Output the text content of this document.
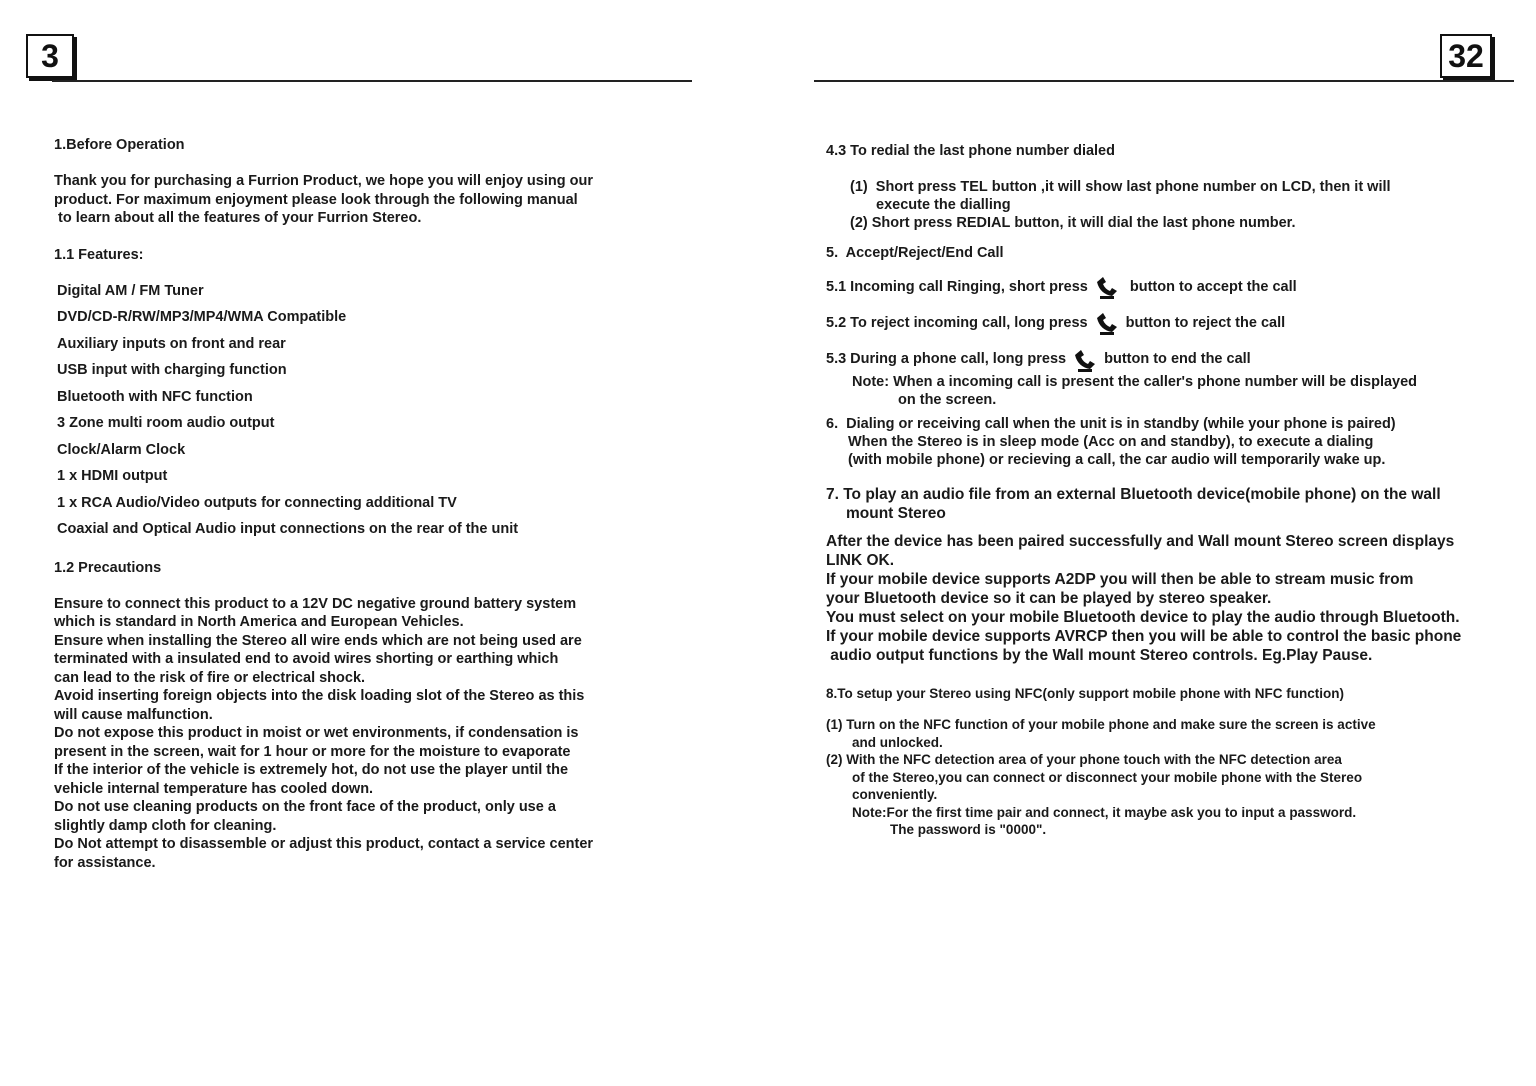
3

1.Before Operation

Thank you for purchasing a Furrion Product, we hope you will enjoy using our

product. For maximum enjoyment please look through the following manual

to learn about all the features of your Furrion Stereo.

1.1 Features:

Digital AM / FM Tuner

DVD/CD-R/RW/MP3/MP4/WMA Compatible

Auxiliary inputs on front and rear

USB input with charging function

Bluetooth with NFC function

3 Zone multi room audio output

Clock/Alarm Clock

1 x HDMI output

1 x RCA Audio/Video outputs for connecting additional TV

Coaxial and Optical Audio input connections on the rear of the unit

1.2 Precautions

Ensure to connect this product to a 12V DC negative ground battery system

which is standard in North America and European Vehicles.

Ensure when installing the Stereo all wire ends which are not being used are

terminated with a insulated end to avoid wires shorting or earthing which

can lead to the risk of fire or electrical shock.

Avoid inserting foreign objects into the disk loading slot of the Stereo as this

will cause malfunction.

Do not expose this product in moist or wet environments, if condensation is

present in the screen, wait for 1 hour or more for the moisture to evaporate

If the interior of the vehicle is extremely hot, do not use the player until the

vehicle internal temperature has cooled down.

Do not use cleaning products on the front face of the product, only use a

slightly damp cloth for cleaning.

Do Not attempt to disassemble or adjust this product, contact a service center

for assistance.

32

4.3 To redial the last phone number dialed

(1)  Short press TEL button ,it will show last phone number on LCD, then it will

execute the dialling

(2) Short press REDIAL button, it will dial the last phone number.

5.  Accept/Reject/End Call

5.1 Incoming call Ringing, short press	button to accept the call

5.2 To reject incoming call, long press	button to reject the call

5.3 During a phone call, long press	button to end the call

Note: When a incoming call is present the caller's phone number will be displayed

on the screen.

6.  Dialing or receiving call when the unit is in standby (while your phone is paired)

When the Stereo is in sleep mode (Acc on and standby), to execute a dialing

(with mobile phone) or recieving a call, the car audio will temporarily wake up.

7. To play an audio file from an external Bluetooth device(mobile phone) on the wall

mount Stereo

After the device has been paired successfully and Wall mount Stereo screen displays

LINK OK.

If your mobile device supports A2DP you will then be able to stream music from

your Bluetooth device so it can be played by stereo speaker.

You must select on your mobile Bluetooth device to play the audio through Bluetooth.

If your mobile device supports AVRCP then you will be able to control the basic phone

audio output functions by the Wall mount Stereo controls. Eg.Play Pause.

8.To setup your Stereo using NFC(only support mobile phone with NFC function)

(1) Turn on the NFC function of your mobile phone and make sure the screen is active

and unlocked.

(2) With the NFC detection area of your phone touch with the NFC detection area

of the Stereo,you can connect or disconnect your mobile phone with the Stereo

conveniently.

Note:For the first time pair and connect, it maybe ask you to input a password.

The password is "0000".
